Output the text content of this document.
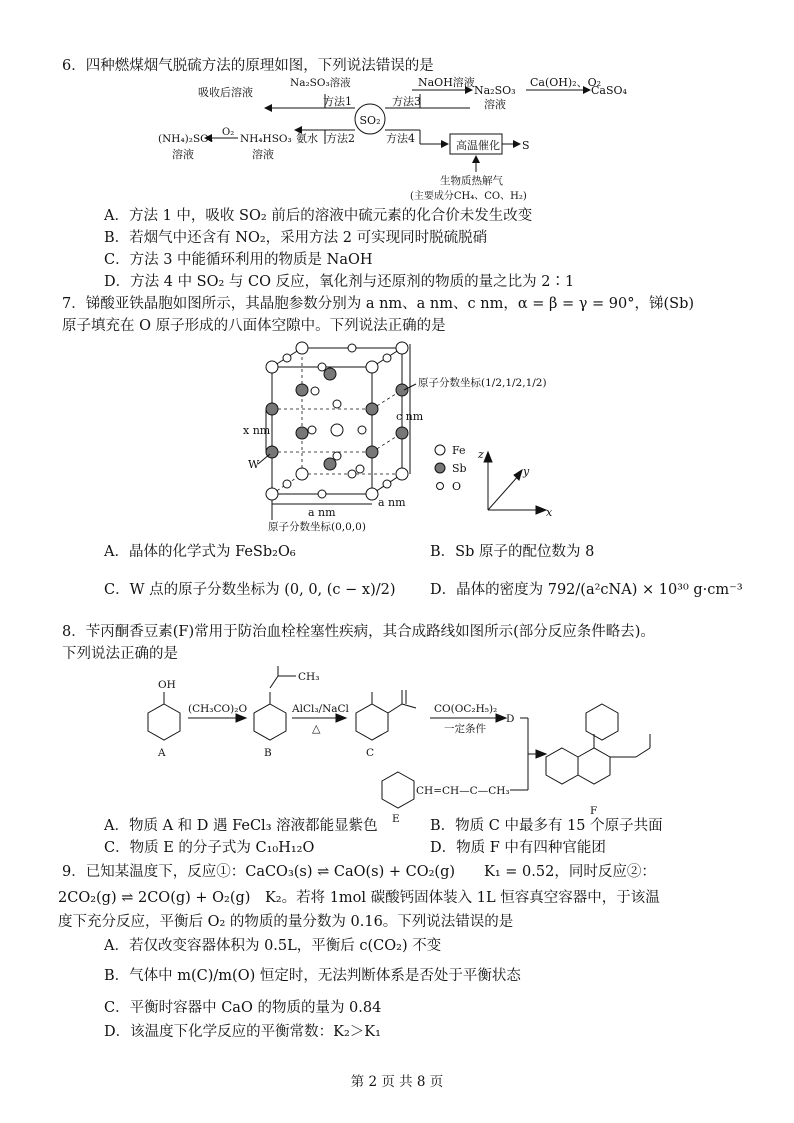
6．四种燃煤烟气脱硫方法的原理如图，下列说法错误的是
SO₂
方法1
Na₂SO₃溶液
吸收后溶液
方法3
NaOH溶液
Na₂SO₃
溶液
Ca(OH)₂、O₂
CaSO₄
方法2
氨水
NH₄HSO₃
溶液
O₂
(NH₄)₂SO₄
溶液
方法4
高温催化 S
生物质热解气
(主要成分CH₄、CO、H₂)
A．方法 1 中，吸收 SO₂ 前后的溶液中硫元素的化合价未发生改变
B．若烟气中还含有 NO₂，采用方法 2 可实现同时脱硫脱硝
C．方法 3 中能循环利用的物质是 NaOH
D．方法 4 中 SO₂ 与 CO 反应，氧化剂与还原剂的物质的量之比为 2∶1
7．锑酸亚铁晶胞如图所示，其晶胞参数分别为 a nm、a nm、c nm，α = β = γ = 90°，锑(Sb)
原子填充在 O 原子形成的八面体空隙中。下列说法正确的是
c nm
原子分数坐标(1/2,1/2,1/2)
x nm
W
a nm
a nm
原子分数坐标(0,0,0)
Fe
Sb
O
z
y
x
A．晶体的化学式为 FeSb₂O₆	B．Sb 原子的配位数为 8
C．W 点的原子分数坐标为 (0, 0, (c − x)/2) D．晶体的密度为 792/(a²cNA) × 10³⁰ g·cm⁻³
8．苄丙酮香豆素(F)常用于防治血栓栓塞性疾病，其合成路线如图所示(部分反应条件略去)。
下列说法正确的是
OH
A
(CH₃CO)₂O
B
CH₃
AlCl₃/NaCl
△
C
CO(OC₂H₅)₂
一定条件
D
CH=CH—C—CH₃
E
F
A．物质 A 和 D 遇 FeCl₃ 溶液都能显紫色	B．物质 C 中最多有 15 个原子共面
C．物质 E 的分子式为 C₁₀H₁₂O	D．物质 F 中有四种官能团
9．已知某温度下，反应①：CaCO₃(s) ⇌ CaO(s) + CO₂(g)　　K₁ = 0.52，同时反应②：
2CO₂(g) ⇌ 2CO(g) + O₂(g)　K₂。若将 1mol 碳酸钙固体装入 1L 恒容真空容器中，于该温
度下充分反应，平衡后 O₂ 的物质的量分数为 0.16。下列说法错误的是
A．若仅改变容器体积为 0.5L，平衡后 c(CO₂) 不变
B．气体中 m(C)/m(O) 恒定时，无法判断体系是否处于平衡状态
C．平衡时容器中 CaO 的物质的量为 0.84
D．该温度下化学反应的平衡常数：K₂＞K₁
第 2 页 共 8 页
